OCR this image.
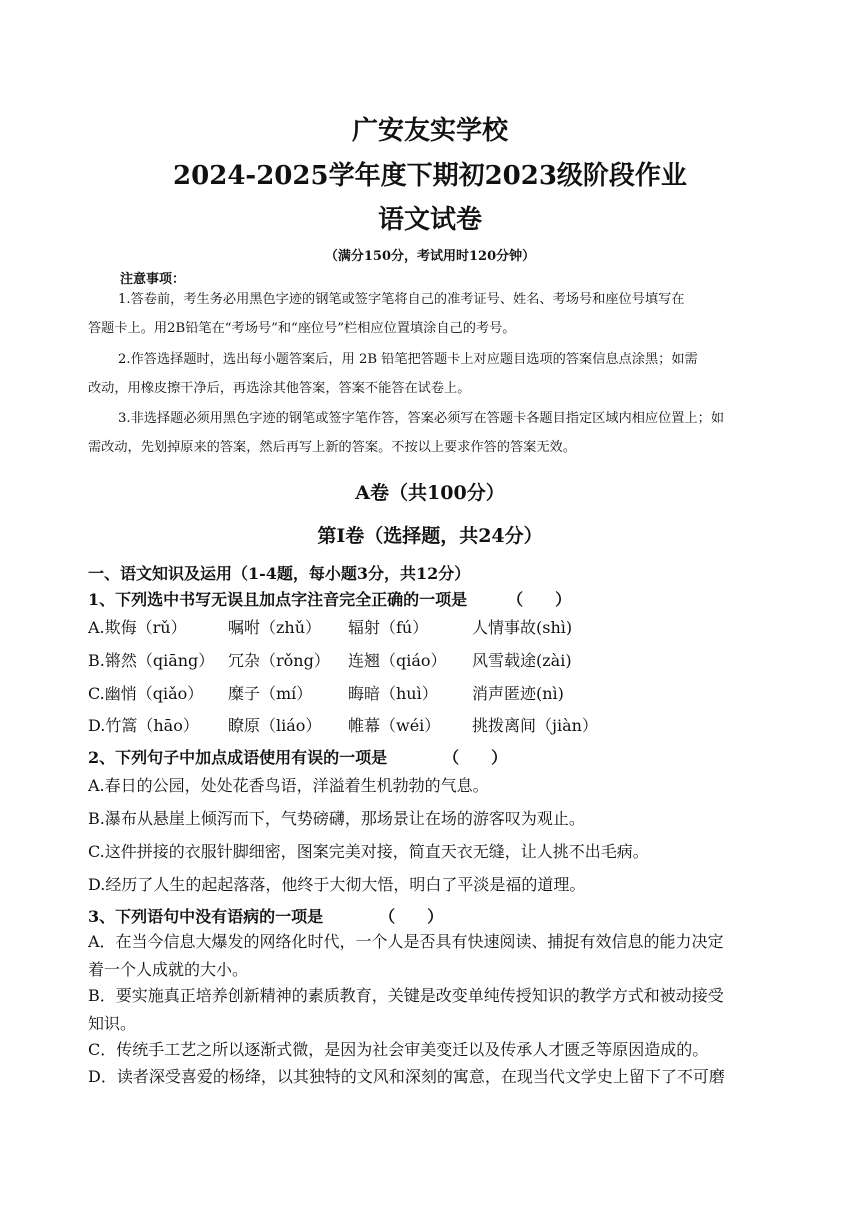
广安友实学校
2024-2025学年度下期初2023级阶段作业
语文试卷
（满分150分，考试用时120分钟）
注意事项：
1.答卷前，考生务必用黑色字迹的钢笔或签字笔将自己的准考证号、姓名、考场号和座位号填写在
答题卡上。用2B铅笔在“考场号”和“座位号”栏相应位置填涂自己的考号。
2.作答选择题时，选出每小题答案后，用 2B 铅笔把答题卡上对应题目选项的答案信息点涂黑；如需
改动，用橡皮擦干净后，再选涂其他答案，答案不能答在试卷上。
3.非选择题必须用黑色字迹的钢笔或签字笔作答，答案必须写在答题卡各题目指定区域内相应位置上；如
需改动，先划掉原来的答案，然后再写上新的答案。不按以上要求作答的答案无效。
A卷（共100分）
第Ⅰ卷（选择题，共24分）
一、语文知识及运用（1-4题，每小题3分，共12分）
1、下列选中书写无误且加点字注音完全正确的一项是　　　（　　）
A.欺侮（rǔ）	嘱咐（zhǔ） 辐射（fú）	人情事故(shì)
B.锵然（qiāng） 冗杂（rǒng） 连翘（qiáo） 风雪载途(zài)
C.幽悄（qiǎo） 糜子（mí） 晦暗（huì） 消声匿迹(nì)
D.竹篙（hāo） 瞭原（liáo） 帷幕（wéi） 挑拨离间（jiàn）
2、下列句子中加点成语使用有误的一项是　　　　（　　）
A.春日的公园，处处花香鸟语，洋溢着生机勃勃的气息。
B.瀑布从悬崖上倾泻而下，气势磅礴，那场景让在场的游客叹为观止。
C.这件拼接的衣服针脚细密，图案完美对接，简直天衣无缝，让人挑不出毛病。
D.经历了人生的起起落落，他终于大彻大悟，明白了平淡是福的道理。
3、下列语句中没有语病的一项是　　　　（　　）
A．在当今信息大爆发的网络化时代，一个人是否具有快速阅读、捕捉有效信息的能力决定
着一个人成就的大小。
B．要实施真正培养创新精神的素质教育，关键是改变单纯传授知识的教学方式和被动接受
知识。
C．传统手工艺之所以逐渐式微，是因为社会审美变迁以及传承人才匮乏等原因造成的。
D．读者深受喜爱的杨绛，以其独特的文风和深刻的寓意，在现当代文学史上留下了不可磨
